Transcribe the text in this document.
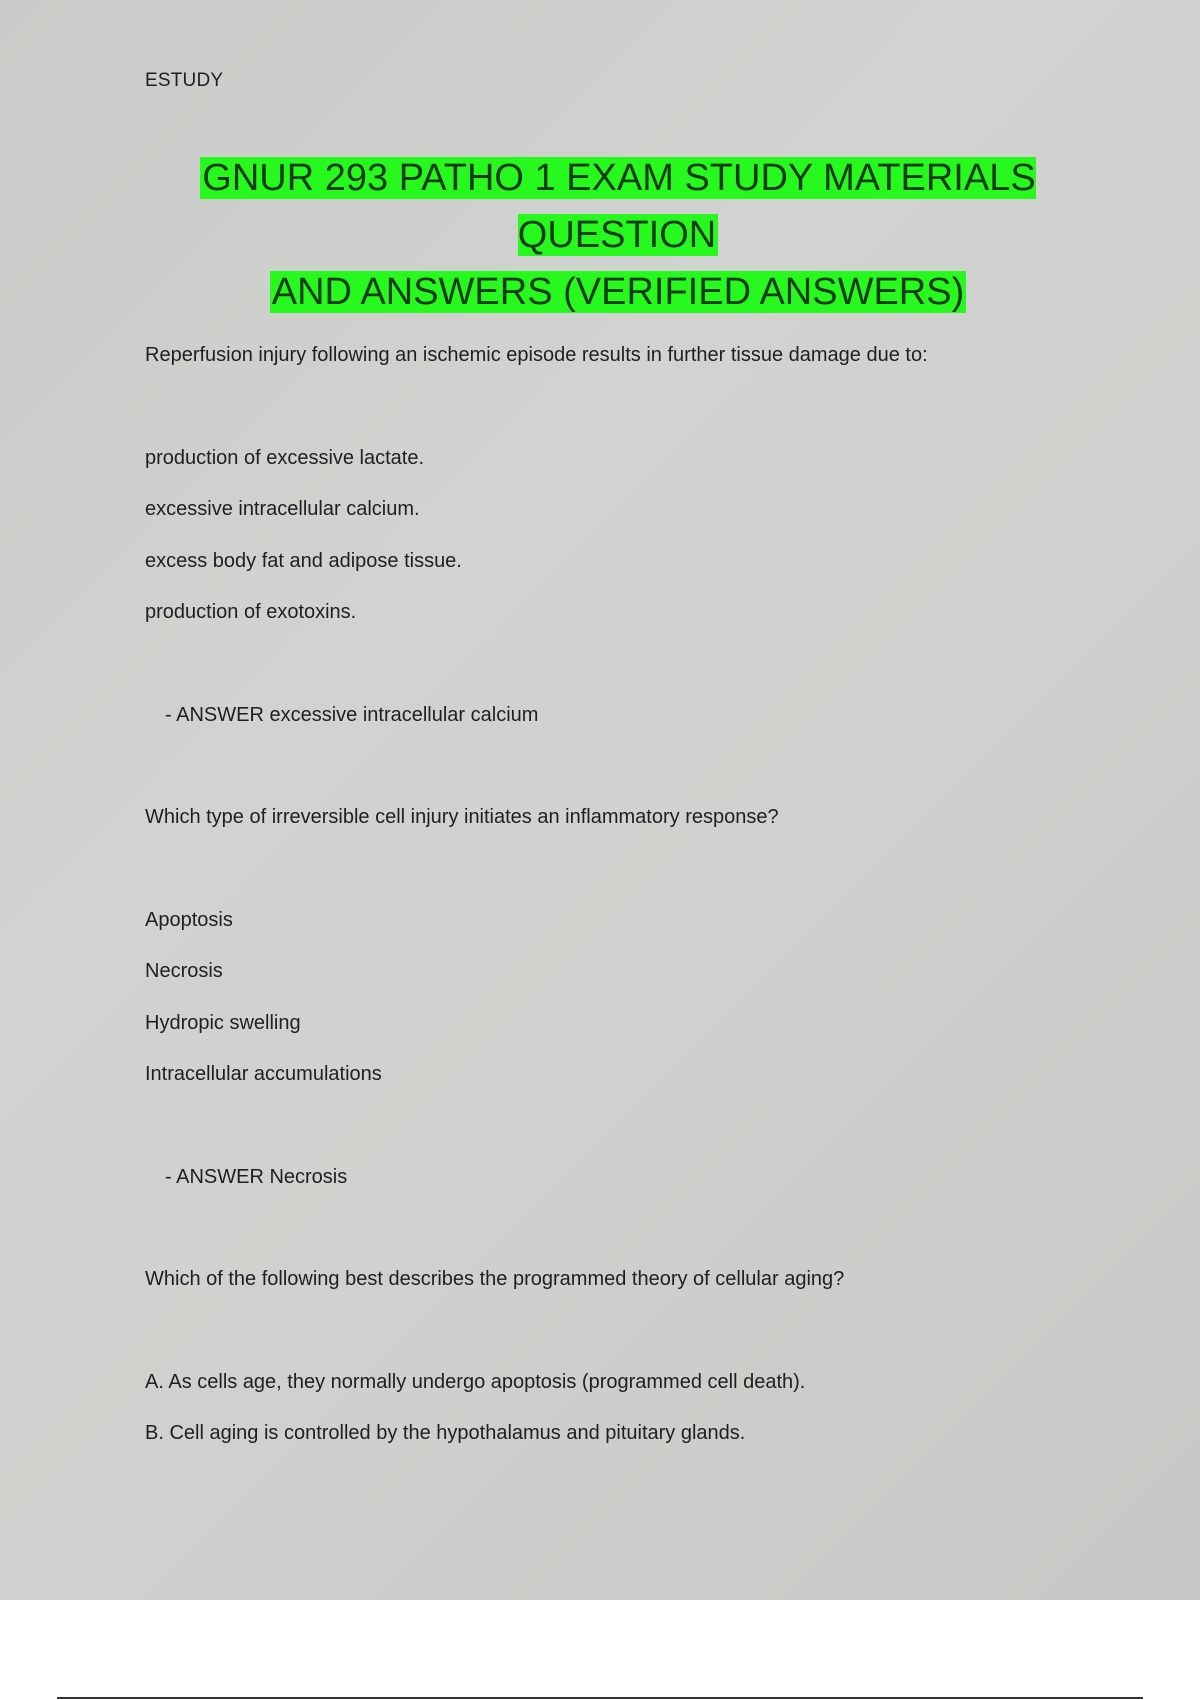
ESTUDY
GNUR 293 PATHO 1 EXAM STUDY MATERIALS QUESTION
AND ANSWERS (VERIFIED ANSWERS)
Reperfusion injury following an ischemic episode results in further tissue damage due to:
production of excessive lactate.
excessive intracellular calcium.
excess body fat and adipose tissue.
production of exotoxins.
- ANSWER excessive intracellular calcium
Which type of irreversible cell injury initiates an inflammatory response?
Apoptosis
Necrosis
Hydropic swelling
Intracellular accumulations
- ANSWER Necrosis
Which of the following best describes the programmed theory of cellular aging?
A. As cells age, they normally undergo apoptosis (programmed cell death).
B. Cell aging is controlled by the hypothalamus and pituitary glands.
